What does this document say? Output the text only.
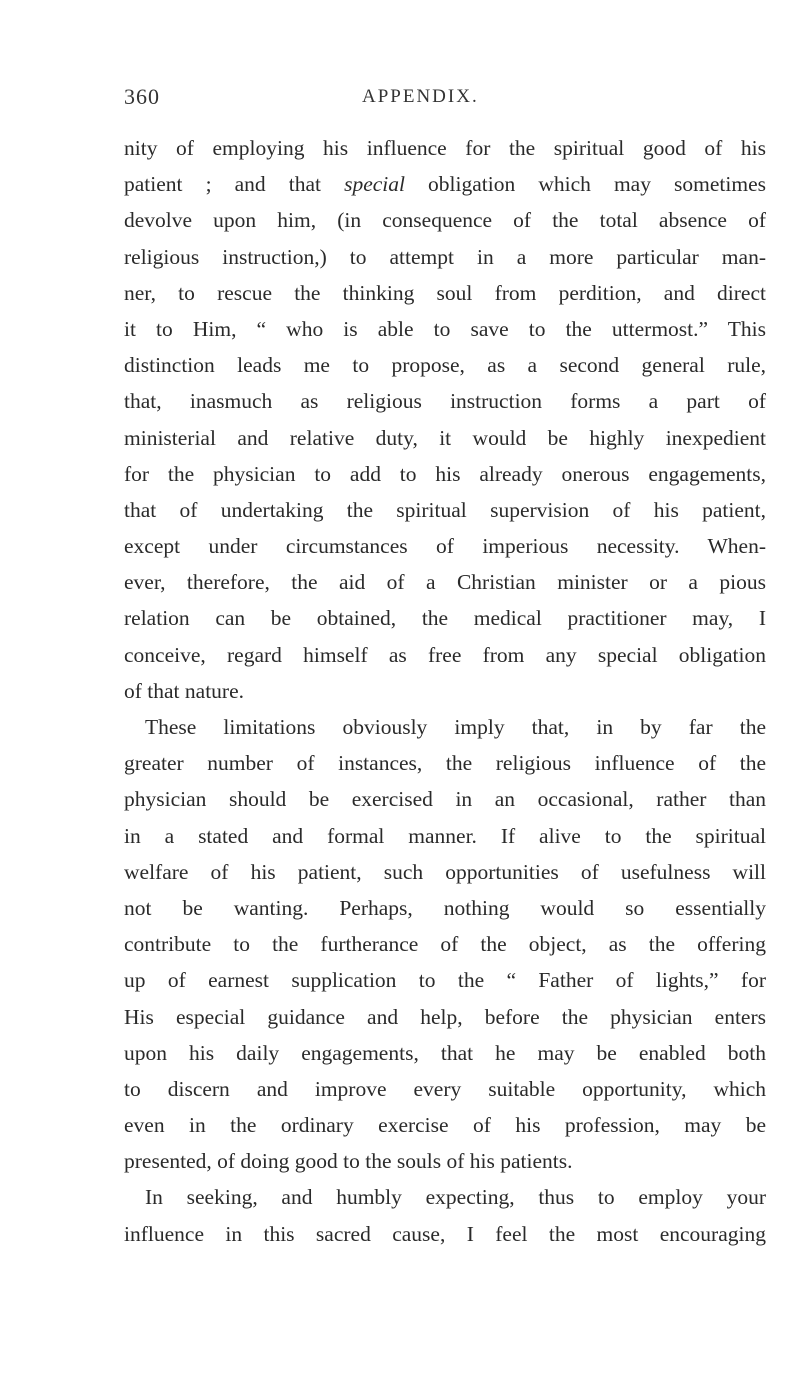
360	APPENDIX.
nity of employing his influence for the spiritual good of his
patient ; and that special obligation which may sometimes
devolve upon him, (in consequence of the total absence of
religious instruction,) to attempt in a more particular man-
ner, to rescue the thinking soul from perdition, and direct
it to Him, “ who is able to save to the uttermost.” This
distinction leads me to propose, as a second general rule,
that, inasmuch as religious instruction forms a part of
ministerial and relative duty, it would be highly inexpedient
for the physician to add to his already onerous engagements,
that of undertaking the spiritual supervision of his patient,
except under circumstances of imperious necessity. When-
ever, therefore, the aid of a Christian minister or a pious
relation can be obtained, the medical practitioner may, I
conceive, regard himself as free from any special obligation
of that nature.
These limitations obviously imply that, in by far the
greater number of instances, the religious influence of the
physician should be exercised in an occasional, rather than
in a stated and formal manner. If alive to the spiritual
welfare of his patient, such opportunities of usefulness will
not be wanting. Perhaps, nothing would so essentially
contribute to the furtherance of the object, as the offering
up of earnest supplication to the “ Father of lights,” for
His especial guidance and help, before the physician enters
upon his daily engagements, that he may be enabled both
to discern and improve every suitable opportunity, which
even in the ordinary exercise of his profession, may be
presented, of doing good to the souls of his patients.
In seeking, and humbly expecting, thus to employ your
influence in this sacred cause, I feel the most encouraging
